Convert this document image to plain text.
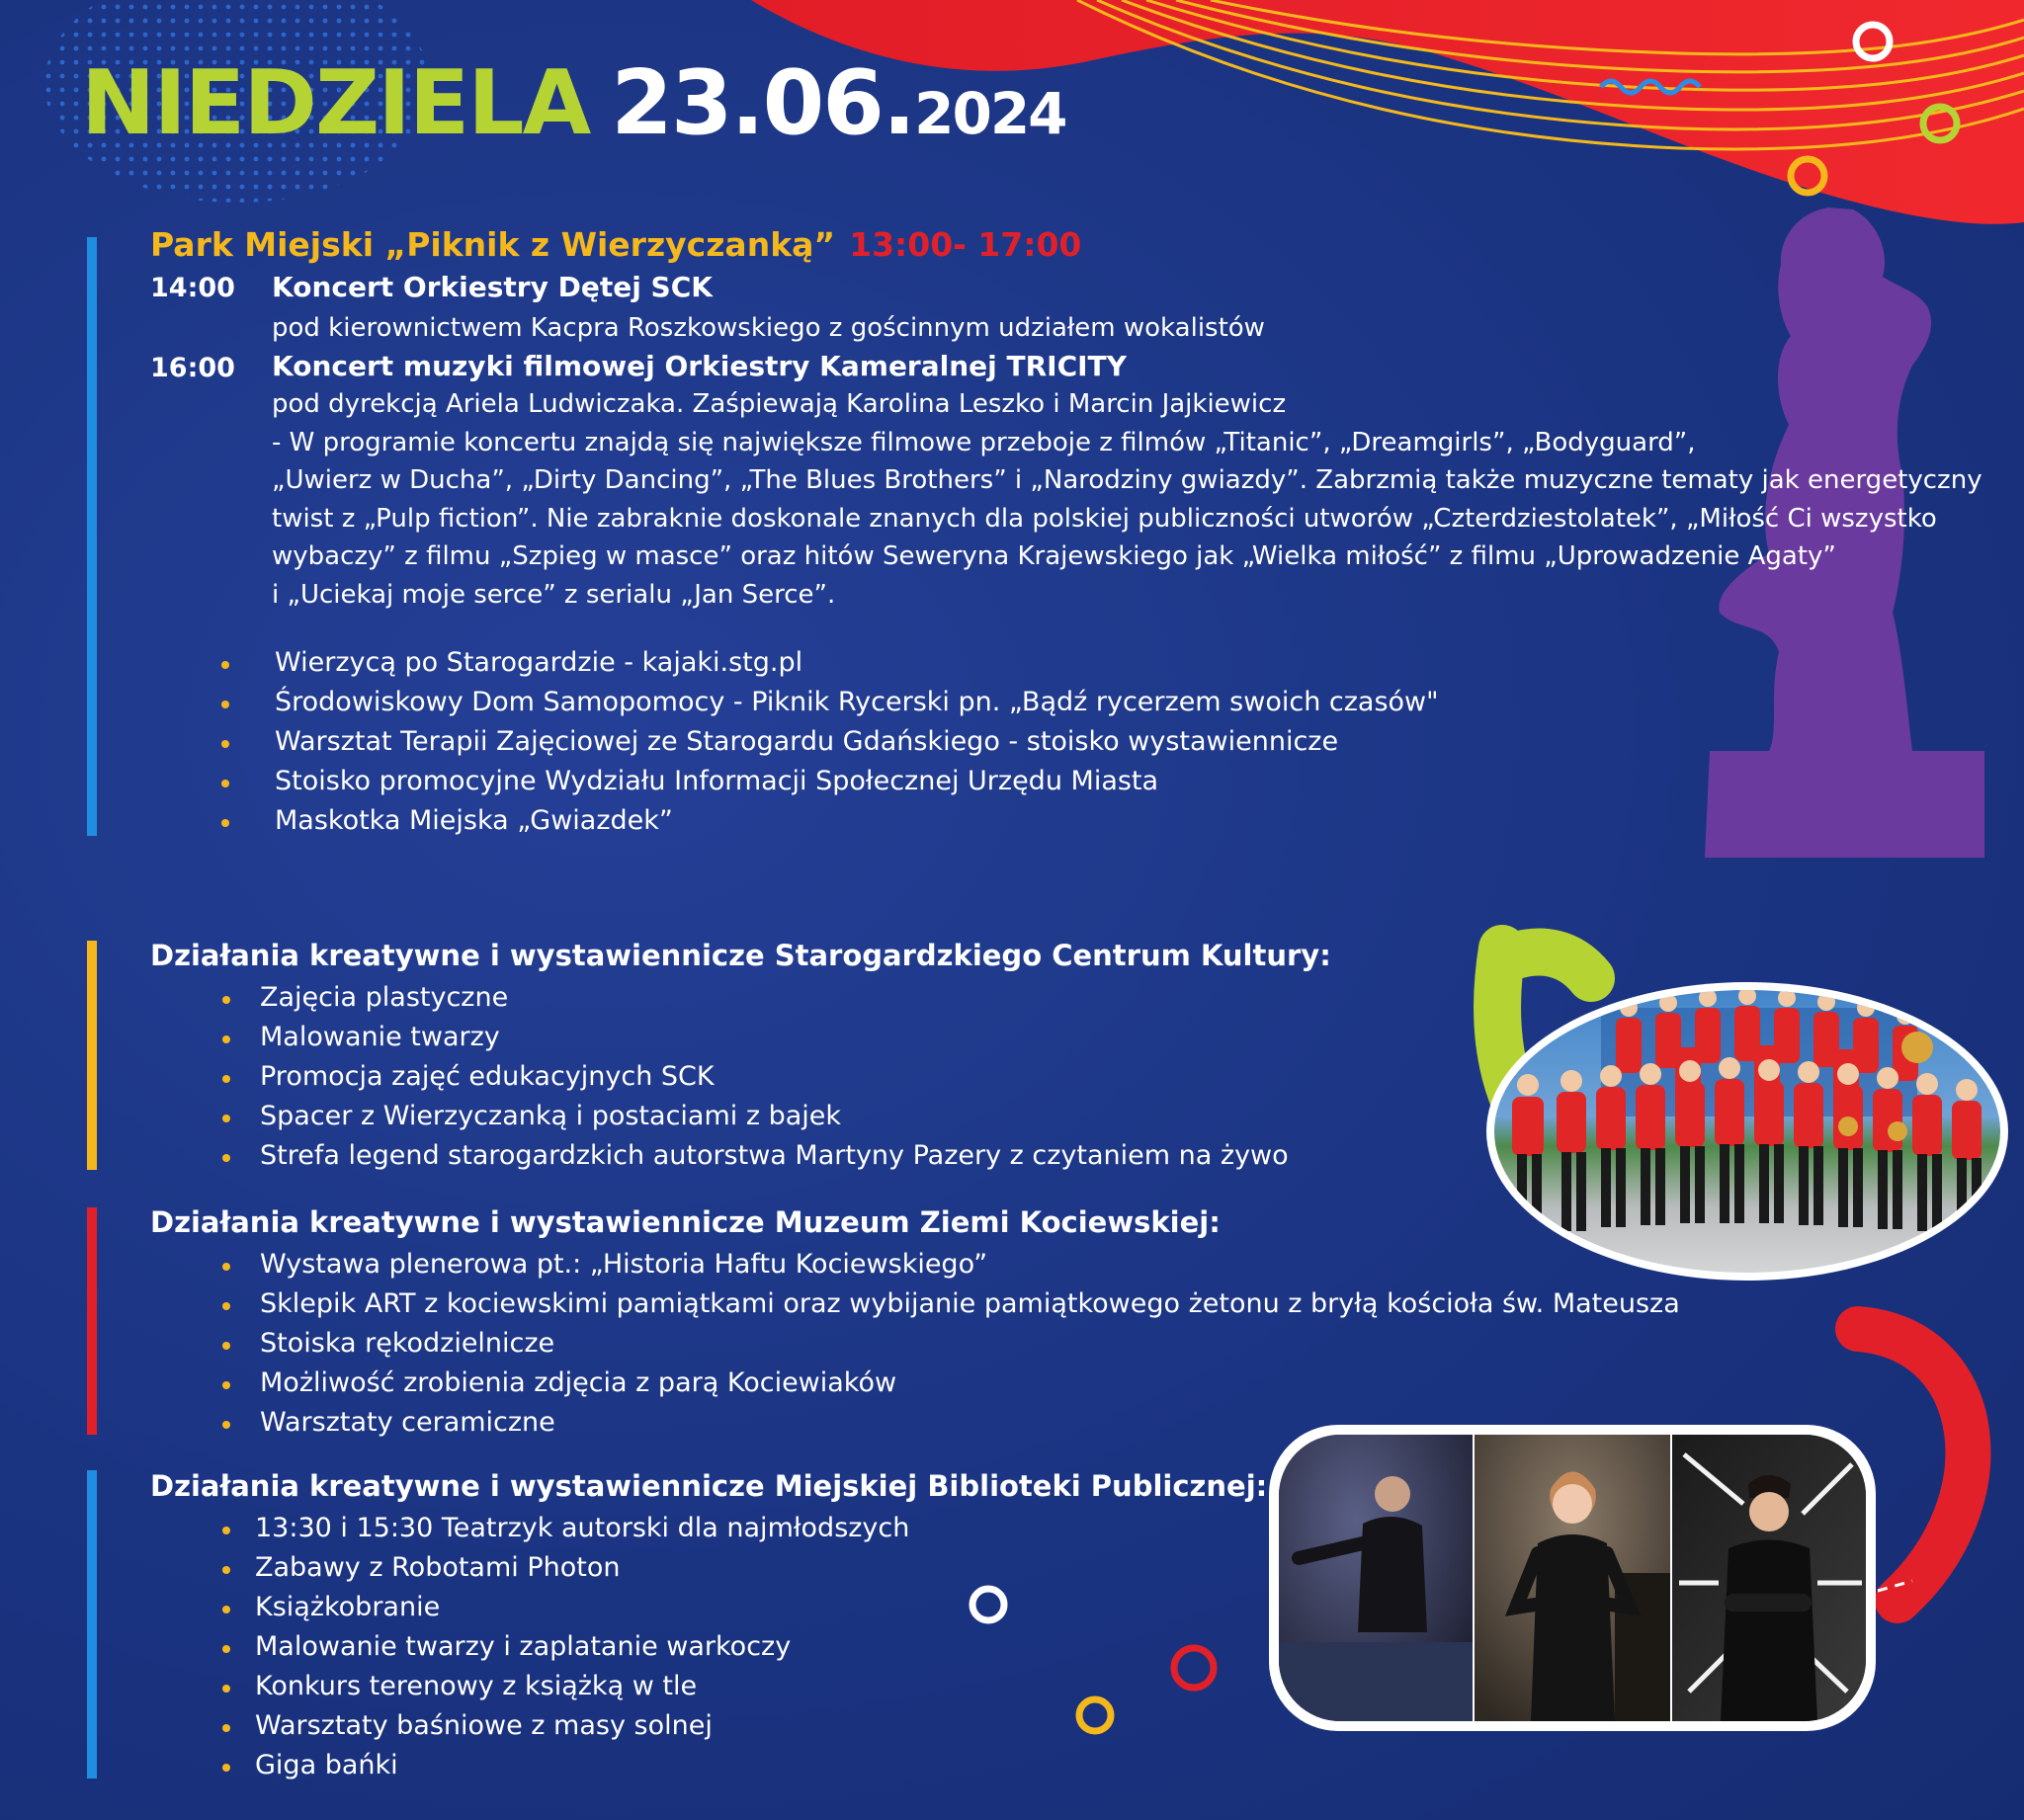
NIEDZIELA 23.06.2024
Park Miejski „Piknik z Wierzyczanką” 13:00- 17:00
14:00 Koncert Orkiestry Dętej SCK
pod kierownictwem Kacpra Roszkowskiego z gościnnym udziałem wokalistów
16:00 Koncert muzyki filmowej Orkiestry Kameralnej TRICITY
pod dyrekcją Ariela Ludwiczaka. Zaśpiewają Karolina Leszko i Marcin Jajkiewicz
- W programie koncertu znajdą się największe filmowe przeboje z filmów „Titanic”, „Dreamgirls”, „Bodyguard”,
„Uwierz w Ducha”, „Dirty Dancing”, „The Blues Brothers” i „Narodziny gwiazdy”. Zabrzmią także muzyczne tematy jak energetyczny
twist z „Pulp fiction”. Nie zabraknie doskonale znanych dla polskiej publiczności utworów „Czterdziestolatek”, „Miłość Ci wszystko
wybaczy” z filmu „Szpieg w masce” oraz hitów Seweryna Krajewskiego jak „Wielka miłość” z filmu „Uprowadzenie Agaty”
i „Uciekaj moje serce” z serialu „Jan Serce”.
Wierzycą po Starogardzie - kajaki.stg.pl
Środowiskowy Dom Samopomocy - Piknik Rycerski pn. „Bądź rycerzem swoich czasów"
Warsztat Terapii Zajęciowej ze Starogardu Gdańskiego - stoisko wystawiennicze
Stoisko promocyjne Wydziału Informacji Społecznej Urzędu Miasta
Maskotka Miejska „Gwiazdek”
Działania kreatywne i wystawiennicze Starogardzkiego Centrum Kultury:
Zajęcia plastyczne
Malowanie twarzy
Promocja zajęć edukacyjnych SCK
Spacer z Wierzyczanką i postaciami z bajek
Strefa legend starogardzkich autorstwa Martyny Pazery z czytaniem na żywo
Działania kreatywne i wystawiennicze Muzeum Ziemi Kociewskiej:
Wystawa plenerowa pt.: „Historia Haftu Kociewskiego”
Sklepik ART z kociewskimi pamiątkami oraz wybijanie pamiątkowego żetonu z bryłą kościoła św. Mateusza
Stoiska rękodzielnicze
Możliwość zrobienia zdjęcia z parą Kociewiaków
Warsztaty ceramiczne
Działania kreatywne i wystawiennicze Miejskiej Biblioteki Publicznej:
13:30 i 15:30 Teatrzyk autorski dla najmłodszych
Zabawy z Robotami Photon
Książkobranie
Malowanie twarzy i zaplatanie warkoczy
Konkurs terenowy z książką w tle
Warsztaty baśniowe z masy solnej
Giga bańki
